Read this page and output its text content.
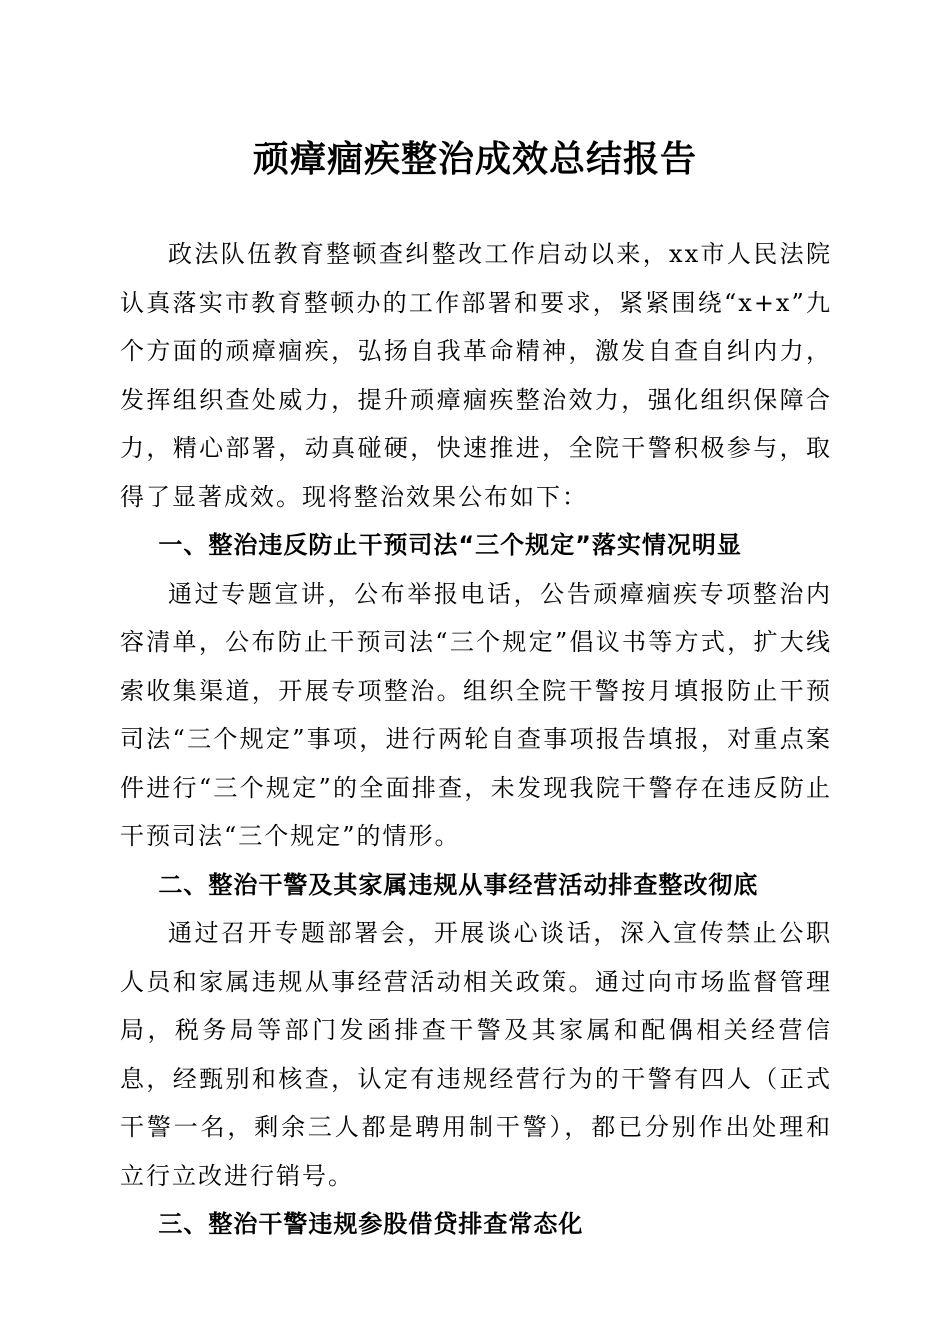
顽瘴痼疾整治成效总结报告

政法队伍教育整顿查纠整改工作启动以来，xx市人民法院认真落实市教育整顿办的工作部署和要求，紧紧围绕“x+x”九个方面的顽瘴痼疾，弘扬自我革命精神，激发自查自纠内力，发挥组织查处威力，提升顽瘴痼疾整治效力，强化组织保障合力，精心部署，动真碰硬，快速推进，全院干警积极参与，取得了显著成效。现将整治效果公布如下：

一、整治违反防止干预司法“三个规定”落实情况明显

通过专题宣讲，公布举报电话，公告顽瘴痼疾专项整治内容清单，公布防止干预司法“三个规定”倡议书等方式，扩大线索收集渠道，开展专项整治。组织全院干警按月填报防止干预司法“三个规定”事项，进行两轮自查事项报告填报，对重点案件进行“三个规定”的全面排查，未发现我院干警存在违反防止干预司法“三个规定”的情形。

二、整治干警及其家属违规从事经营活动排查整改彻底

通过召开专题部署会，开展谈心谈话，深入宣传禁止公职人员和家属违规从事经营活动相关政策。通过向市场监督管理局，税务局等部门发函排查干警及其家属和配偶相关经营信息，经甄别和核查，认定有违规经营行为的干警有四人（正式干警一名，剩余三人都是聘用制干警），都已分别作出处理和立行立改进行销号。

三、整治干警违规参股借贷排查常态化
